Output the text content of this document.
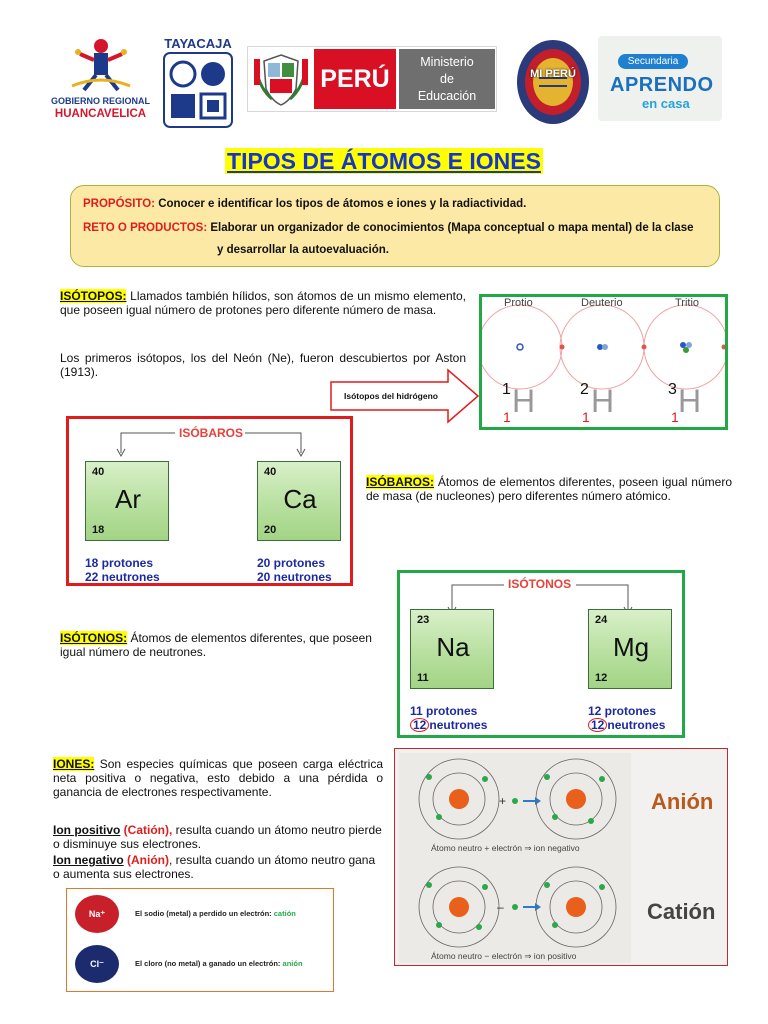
GOBIERNO REGIONAL
HUANCAVELICA
TAYACAJA
PERÚ
Ministerio
de
Educación
MI PERÚ
Secundaria
APRENDO
en casa
TIPOS DE ÁTOMOS E IONES
PROPÓSITO: Conocer e identificar los tipos de átomos e iones y la radiactividad.
RETO O PRODUCTOS: Elaborar un organizador de conocimientos (Mapa conceptual o mapa mental) de la clase
y desarrollar la autoevaluación.
ISÓTOPOS: Llamados también hílidos, son átomos de un mismo elemento, que poseen igual número de protones pero diferente número de masa.
Los primeros isótopos, los del Neón (Ne), fueron descubiertos por Aston (1913).
Isótopos del hidrógeno
Protio	Deuterio	Tritio
1 H
1
2 H
1
3 H
1
ISÓBAROS
40
Ar
18
18 protones
22 neutrones
40
Ca
20
20 protones
20 neutrones
ISÓBAROS: Átomos de elementos diferentes, poseen igual número de masa (de nucleones) pero diferentes número atómico.
ISÓTONOS
23
Na
11
11 protones
12 neutrones
24
Mg
12
12 protones
12 neutrones
ISÓTONOS: Átomos de elementos diferentes, que poseen igual número de neutrones.
IONES: Son especies químicas que poseen carga eléctrica neta positiva o negativa, esto debido a una pérdida o ganancia de electrones respectivamente.
Ion positivo (Catión), resulta cuando un átomo neutro pierde o disminuye sus electrones.
Ion negativo (Anión), resulta cuando un átomo neutro gana o aumenta sus electrones.
+
–
Átomo neutro + electrón ⇒ ion negativo
Átomo neutro − electrón ⇒ ion positivo
Anión
Catión
Na⁺	El sodio (metal) a perdido un electrón: catión
Cl⁻	El cloro (no metal) a ganado un electrón: anión
